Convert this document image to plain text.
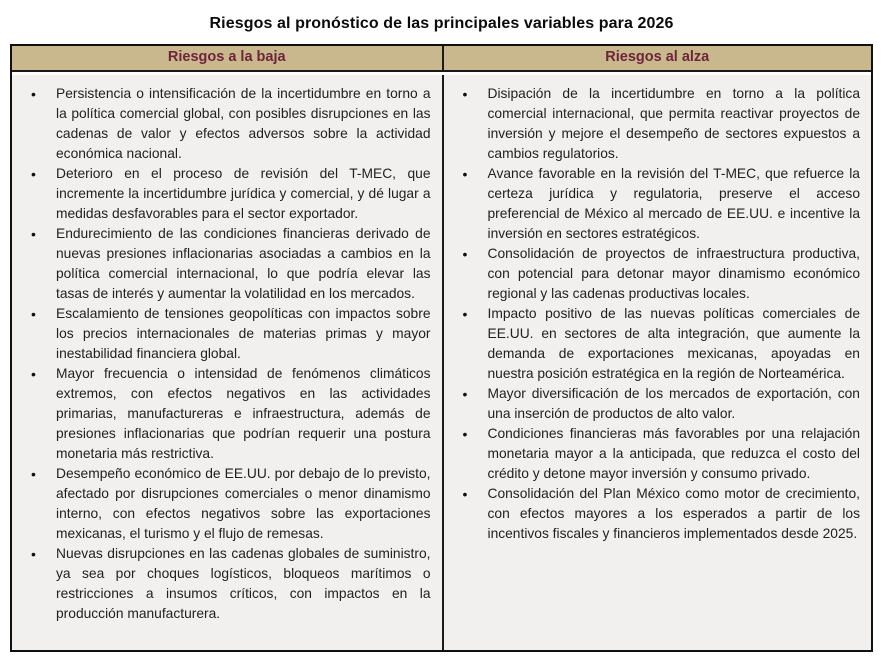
Riesgos al pronóstico de las principales variables para 2026
Riesgos a la baja	Riesgos al alza
• Persistencia o intensificación de la incertidumbre en torno a la política comercial global, con posibles disrupciones en las cadenas de valor y efectos adversos sobre la actividad económica nacional.
• Deterioro en el proceso de revisión del T-MEC, que incremente la incertidumbre jurídica y comercial, y dé lugar a medidas desfavorables para el sector exportador.
• Endurecimiento de las condiciones financieras derivado de nuevas presiones inflacionarias asociadas a cambios en la política comercial internacional, lo que podría elevar las tasas de interés y aumentar la volatilidad en los mercados.
• Escalamiento de tensiones geopolíticas con impactos sobre los precios internacionales de materias primas y mayor inestabilidad financiera global.
• Mayor frecuencia o intensidad de fenómenos climáticos extremos, con efectos negativos en las actividades primarias, manufactureras e infraestructura, además de presiones inflacionarias que podrían requerir una postura monetaria más restrictiva.
• Desempeño económico de EE.UU. por debajo de lo previsto, afectado por disrupciones comerciales o menor dinamismo interno, con efectos negativos sobre las exportaciones mexicanas, el turismo y el flujo de remesas.
• Nuevas disrupciones en las cadenas globales de suministro, ya sea por choques logísticos, bloqueos marítimos o restricciones a insumos críticos, con impactos en la producción manufacturera.
• Disipación de la incertidumbre en torno a la política comercial internacional, que permita reactivar proyectos de inversión y mejore el desempeño de sectores expuestos a cambios regulatorios.
• Avance favorable en la revisión del T-MEC, que refuerce la certeza jurídica y regulatoria, preserve el acceso preferencial de México al mercado de EE.UU. e incentive la inversión en sectores estratégicos.
• Consolidación de proyectos de infraestructura productiva, con potencial para detonar mayor dinamismo económico regional y las cadenas productivas locales.
• Impacto positivo de las nuevas políticas comerciales de EE.UU. en sectores de alta integración, que aumente la demanda de exportaciones mexicanas, apoyadas en nuestra posición estratégica en la región de Norteamérica.
• Mayor diversificación de los mercados de exportación, con una inserción de productos de alto valor.
• Condiciones financieras más favorables por una relajación monetaria mayor a la anticipada, que reduzca el costo del crédito y detone mayor inversión y consumo privado.
• Consolidación del Plan México como motor de crecimiento, con efectos mayores a los esperados a partir de los incentivos fiscales y financieros implementados desde 2025.
